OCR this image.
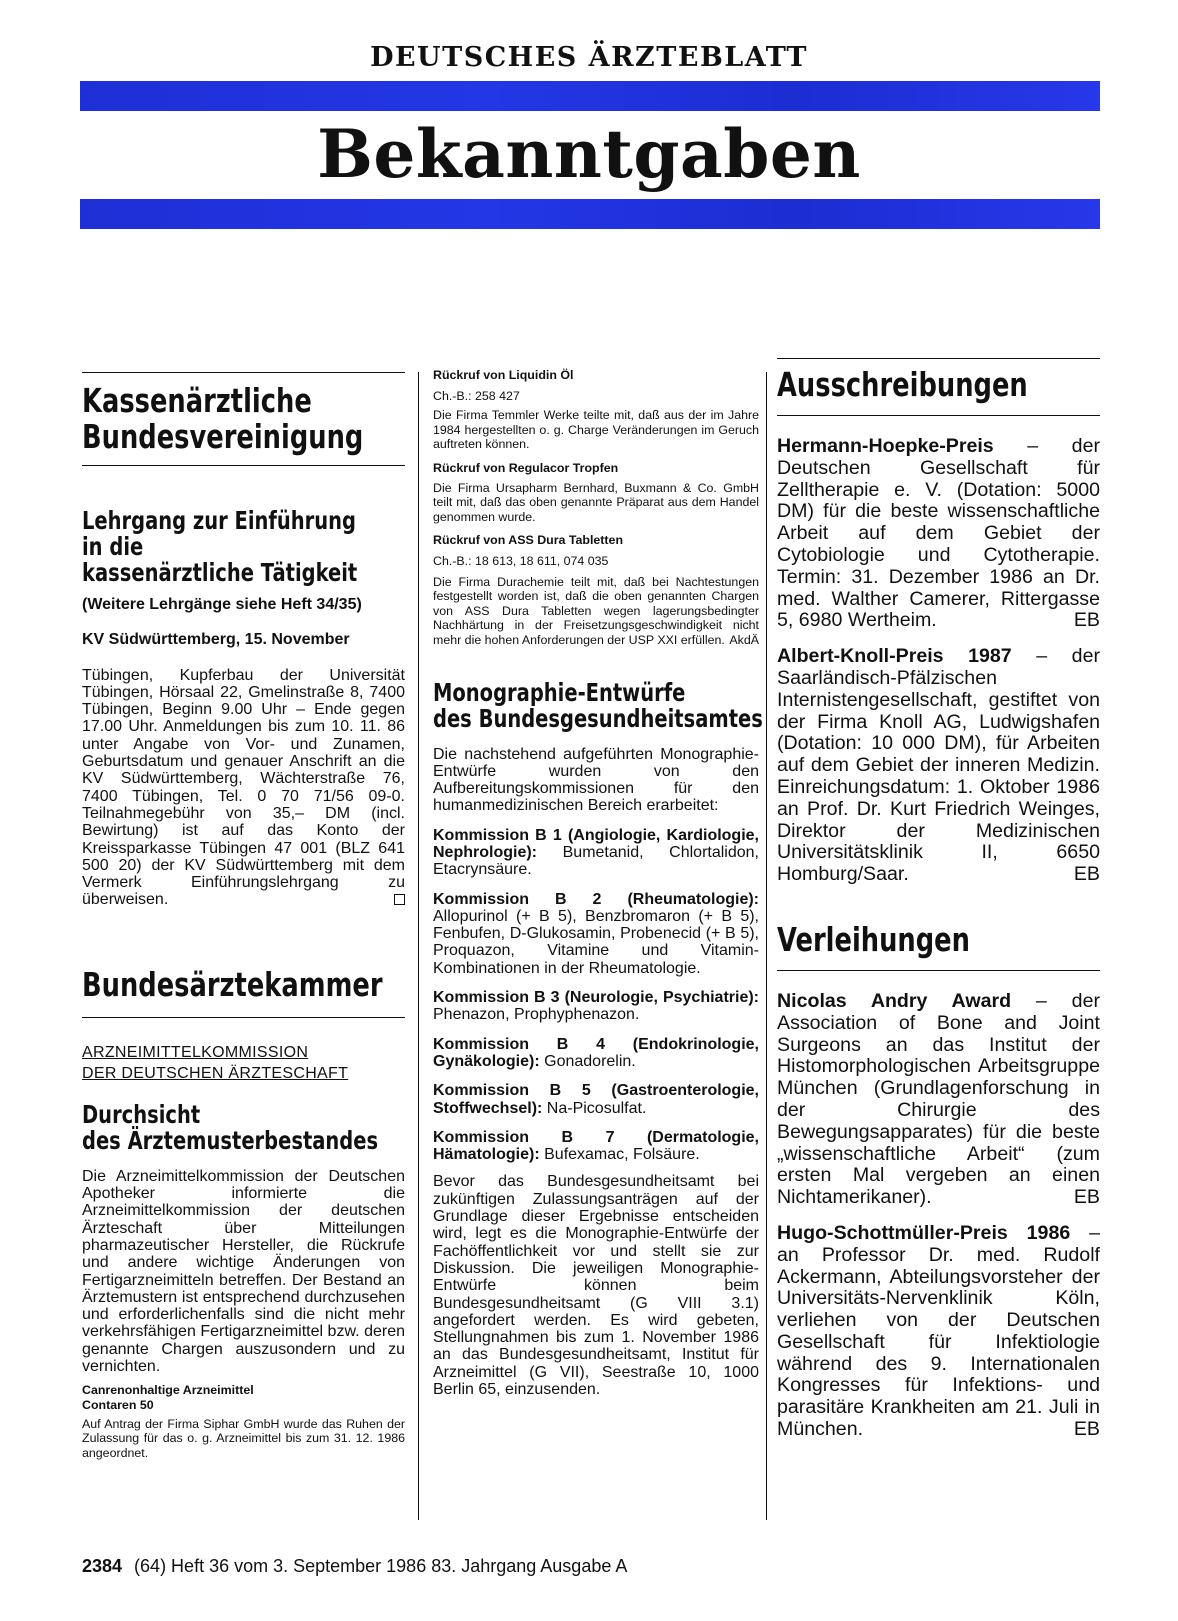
DEUTSCHES ÄRZTEBLATT
Bekanntgaben
Kassenärztliche
Bundesvereinigung
Lehrgang zur Einführung
in die
kassenärztliche Tätigkeit
(Weitere Lehrgänge siehe Heft 34/35)
KV Südwürttemberg, 15. November
Tübingen, Kupferbau der Universität Tübingen, Hörsaal 22, Gmelinstraße 8, 7400 Tübingen, Beginn 9.00 Uhr – Ende gegen 17.00 Uhr. Anmeldungen bis zum 10. 11. 86 unter Angabe von Vor- und Zunamen, Geburtsdatum und genauer Anschrift an die KV Südwürttemberg, Wächterstraße 76, 7400 Tübingen, Tel. 0 70 71/56 09-0. Teilnahmegebühr von 35,– DM (incl. Bewirtung) ist auf das Konto der Kreissparkasse Tübingen 47 001 (BLZ 641 500 20) der KV Südwürttemberg mit dem Vermerk Einführungslehrgang zu überweisen.
Bundesärztekammer
ARZNEIMITTELKOMMISSION
DER DEUTSCHEN ÄRZTESCHAFT
Durchsicht
des Ärztemusterbestandes
Die Arzneimittelkommission der Deutschen Apotheker informierte die Arzneimittelkommission der deutschen Ärzteschaft über Mitteilungen pharmazeutischer Hersteller, die Rückrufe und andere wichtige Änderungen von Fertigarzneimitteln betreffen. Der Bestand an Ärztemustern ist entsprechend durchzusehen und erforderlichenfalls sind die nicht mehr verkehrsfähigen Fertigarzneimittel bzw. deren genannte Chargen auszusondern und zu vernichten.
Canrenonhaltige Arzneimittel
Contaren 50
Auf Antrag der Firma Siphar GmbH wurde das Ruhen der Zulassung für das o. g. Arzneimittel bis zum 31. 12. 1986 angeordnet.
Rückruf von Liquidin Öl
Ch.-B.: 258 427
Die Firma Temmler Werke teilte mit, daß aus der im Jahre 1984 hergestellten o. g. Charge Veränderungen im Geruch auftreten können.
Rückruf von Regulacor Tropfen
Die Firma Ursapharm Bernhard, Buxmann & Co. GmbH teilt mit, daß das oben genannte Präparat aus dem Handel genommen wurde.
Rückruf von ASS Dura Tabletten
Ch.-B.: 18 613, 18 611, 074 035
Die Firma Durachemie teilt mit, daß bei Nachtestungen festgestellt worden ist, daß die oben genannten Chargen von ASS Dura Tabletten wegen lagerungsbedingter Nachhärtung in der Freisetzungsgeschwindigkeit nicht mehr die hohen Anforderungen der USP XXI erfüllen. AkdÄ
Monographie-Entwürfe
des Bundesgesundheitsamtes
Die nachstehend aufgeführten Monographie-Entwürfe wurden von den Aufbereitungskommissionen für den humanmedizinischen Bereich erarbeitet:
Kommission B 1 (Angiologie, Kardiologie, Nephrologie): Bumetanid, Chlortalidon, Etacrynsäure.
Kommission B 2 (Rheumatologie): Allopurinol (+ B 5), Benzbromaron (+ B 5), Fenbufen, D-Glukosamin, Probenecid (+ B 5), Proquazon, Vitamine und Vitamin-Kombinationen in der Rheumatologie.
Kommission B 3 (Neurologie, Psychiatrie): Phenazon, Prophyphenazon.
Kommission B 4 (Endokrinologie, Gynäkologie): Gonadorelin.
Kommission B 5 (Gastroenterologie, Stoffwechsel): Na-Picosulfat.
Kommission B 7 (Dermatologie, Hämatologie): Bufexamac, Folsäure.
Bevor das Bundesgesundheitsamt bei zukünftigen Zulassungsanträgen auf der Grundlage dieser Ergebnisse entscheiden wird, legt es die Monographie-Entwürfe der Fachöffentlichkeit vor und stellt sie zur Diskussion. Die jeweiligen Monographie-Entwürfe können beim Bundesgesundheitsamt (G VIII 3.1) angefordert werden. Es wird gebeten, Stellungnahmen bis zum 1. November 1986 an das Bundesgesundheitsamt, Institut für Arzneimittel (G VII), Seestraße 10, 1000 Berlin 65, einzusenden.
Ausschreibungen
Hermann-Hoepke-Preis – der Deutschen Gesellschaft für Zelltherapie e. V. (Dotation: 5000 DM) für die beste wissenschaftliche Arbeit auf dem Gebiet der Cytobiologie und Cytotherapie. Termin: 31. Dezember 1986 an Dr. med. Walther Camerer, Rittergasse 5, 6980 Wertheim.	EB
Albert-Knoll-Preis 1987 – der Saarländisch-Pfälzischen Internistengesellschaft, gestiftet von der Firma Knoll AG, Ludwigshafen (Dotation: 10 000 DM), für Arbeiten auf dem Gebiet der inneren Medizin. Einreichungsdatum: 1. Oktober 1986 an Prof. Dr. Kurt Friedrich Weinges, Direktor der Medizinischen Universitätsklinik II, 6650 Homburg/Saar.	EB
Verleihungen
Nicolas Andry Award – der Association of Bone and Joint Surgeons an das Institut der Histomorphologischen Arbeitsgruppe München (Grundlagenforschung in der Chirurgie des Bewegungsapparates) für die beste „wissenschaftliche Arbeit“ (zum ersten Mal vergeben an einen Nichtamerikaner).	EB
Hugo-Schottmüller-Preis 1986 – an Professor Dr. med. Rudolf Ackermann, Abteilungsvorsteher der Universitäts-Nervenklinik Köln, verliehen von der Deutschen Gesellschaft für Infektiologie während des 9. Internationalen Kongresses für Infektions- und parasitäre Krankheiten am 21. Juli in München.	EB
2384 (64) Heft 36 vom 3. September 1986 83. Jahrgang Ausgabe A
